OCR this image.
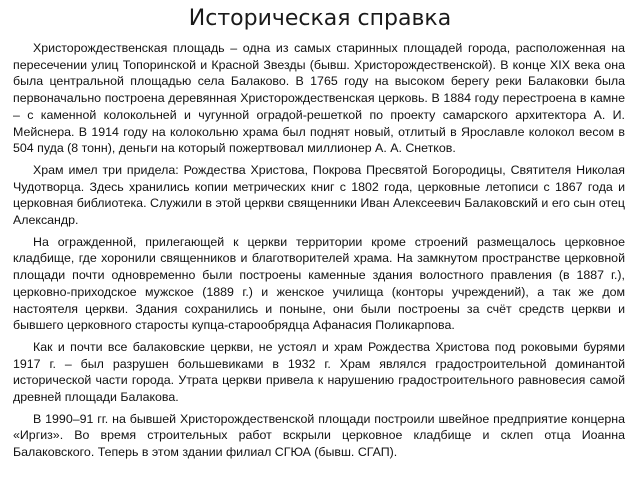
Историческая справка

Христорождественская площадь – одна из самых старинных площадей города, расположенная на пересечении улиц Топоринской и Красной Звезды (бывш. Христорождественской). В конце XIX века она была центральной площадью села Балаково. В 1765 году на высоком берегу реки Балаковки была первоначально построена деревянная Христорождественская церковь. В 1884 году перестроена в камне – с каменной колокольней и чугунной оградой-решеткой по проекту самарского архитектора А. И. Мейснера. В 1914 году на колокольню храма был поднят новый, отлитый в Ярославле колокол весом в 504 пуда (8 тонн), деньги на который пожертвовал миллионер А. А. Снетков.

Храм имел три придела: Рождества Христова, Покрова Пресвятой Богородицы, Святителя Николая Чудотворца. Здесь хранились копии метрических книг с 1802 года, церковные летописи с 1867 года и церковная библиотека. Служили в этой церкви священники Иван Алексеевич Балаковский и его сын отец Александр.

На огражденной, прилегающей к церкви территории кроме строений размещалось церковное кладбище, где хоронили священников и благотворителей храма. На замкнутом пространстве церковной площади почти одновременно были построены каменные здания волостного правления (в 1887 г.), церковно-приходское мужское (1889 г.) и женское училища (конторы учреждений), а так же дом настоятеля церкви. Здания сохранились и поныне, они были построены за счёт средств церкви и бывшего церковного старосты купца-старообрядца Афанасия Поликарпова.

Как и почти все балаковские церкви, не устоял и храм Рождества Христова под роковыми бурями 1917 г. – был разрушен большевиками в 1932 г. Храм являлся градостроительной доминантой исторической части города. Утрата церкви привела к нарушению градостроительного равновесия самой древней площади Балакова.

В 1990–91 гг. на бывшей Христорождественской площади построили швейное предприятие концерна «Иргиз». Во время строительных работ вскрыли церковное кладбище и склеп отца Иоанна Балаковского. Теперь в этом здании филиал СГЮА (бывш. СГАП).
